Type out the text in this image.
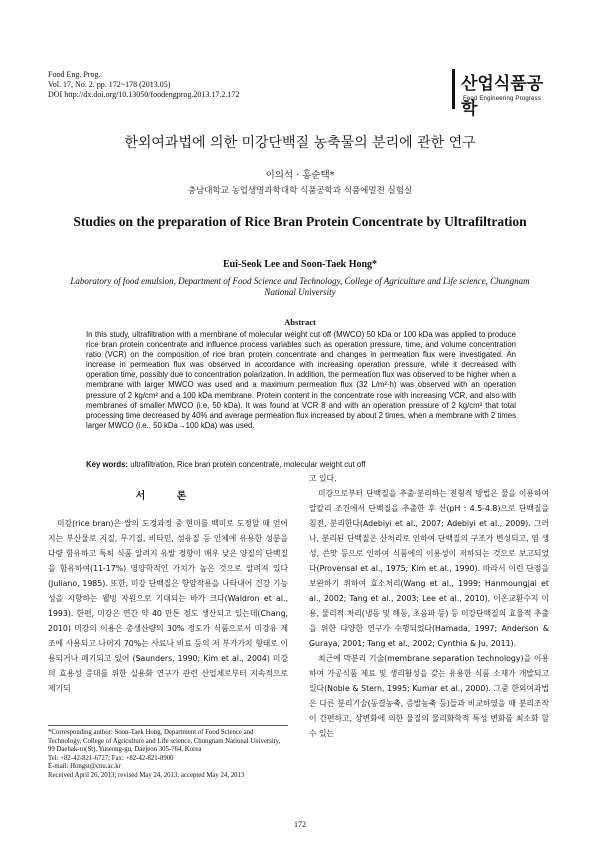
Food Eng. Prog.
Vol. 17, No. 2. pp. 172~178 (2013.05)
DOI http://dx.doi.org/10.13050/foodengprog.2013.17.2.172
산업식품공학
Food Engineering Progress
한외여과법에 의한 미강단백질 농축물의 분리에 관한 연구
이의석 · 홍순택*
충남대학교 농업생명과학대학 식품공학과 식품에멀젼 실험실
Studies on the preparation of Rice Bran Protein Concentrate by Ultrafiltration
Eui-Seok Lee and Soon-Taek Hong*
Laboratory of food emulsion, Department of Food Science and Technology, College of Agriculture and Life science, Chungnam National University
Abstract
In this study, ultrafiltration with a membrane of molecular weight cut off (MWCO) 50 kDa or 100 kDa was applied to produce rice bran protein concentrate and influence process variables such as operation pressure, time, and volume concentration ratio (VCR) on the composition of rice bran protein concentrate and changes in permeation flux were investigated. An increase in permeation flux was observed in accordance with increasing operation pressure, while it decreased with operation time, possibly due to concentration polarization. In addition, the permeation flux was observed to be higher when a membrane with larger MWCO was used and a maximum permeation flux (32 L/m²·h) was observed with an operation pressure of 2 kg/cm² and a 100 kDa membrane. Protein content in the concentrate rose with increasing VCR, and also with membranes of smaller MWCO (i.e, 50 kDa). It was found at VCR 8 and with an operation pressure of 2 kg/cm² that total processing time decreased by 40% and average permeation flux increased by about 2 times, when a membrane with 2 times larger MWCO (i.e., 50 kDa→100 kDa) was used.
Key words: ultrafiltration, Rice bran protein concentrate, molecular weight cut off

서 론

미강(rice bran)은 쌀의 도정과정 중 현미를 백미로 도정할 때 얻어지는 부산물로 지질, 무기질, 비타민, 섬유질 등 인체에 유용한 성분을 다량 함유하고 특히 식품 알려지 유발 경향이 매우 낮은 양질의 단백질을 함유하여(11-17%) 영양학적인 가치가 높은 것으로 알려져 있다(Juliano, 1985). 또한, 미강 단백질은 항암작용을 나타내어 건강 기능성을 지향하는 웰빙 자원으로 기대되는 바가 크다(Waldron et al., 1993). 한편, 미강은 연간 약 40 만톤 정도 생산되고 있는데(Chang, 2010) 미강의 이용은 총생산량의 30% 정도가 식품으로서 미강유 제조에 사용되고 나머지 70%는 사료나 비료 등의 저 부가가치 형태로 이용되거나 폐기되고 있어 (Saunders, 1990; Kim et al., 2004) 미강의 효용성 증대를 위한 실용화 연구가 관련 산업체로부터 지속적으로 제기되

고 있다.

미강으로부터 단백질을 추출·분리하는 전형적 방법은 물을 이용하여 알칼리 조건에서 단백질을 추출한 후 산(pH : 4.5-4.8)으로 단백질을 침전, 분리한다(Adebiyi et al., 2007; Adebiyi et al., 2009). 그러나, 분리된 단백질은 산처리로 인하여 단백질의 구조가 변성되고, 염 생성, 쓴맛 등으로 인하여 식품에의 이용성이 저하되는 것으로 보고되었다(Provensal et al., 1975; Kim et al., 1990). 따라서 이런 단점을 보완하기 위하여 효소처리(Wang et al., 1999; Hanmoungjai et al., 2002; Tang et al., 2003; Lee et al., 2010), 이온교환수지 이용, 물리적 처리(냉동 및 해동, 초음파 등) 등 미강단백질의 효율적 추출을 위한 다양한 연구가 수행되었다(Hamada, 1997; Anderson & Guraya, 2001; Tang et al., 2002; Cynthia & Ju, 2011).

최근에 막분리 기술(membrane separation technology)을 이용하여 가공식품 제료 및 생리활성을 갖는 유용한 식품 소재가 개발되고 있다(Noble & Stern, 1995; Kumar et al., 2000). 그중 한외여과법은 다른 분리기술(동결농축, 증발농축 등)들과 비교하였을 때 분리조작이 간편하고, 상변화에 의한 물질의 물리화학적 특성 변화를 최소화 할 수 있는

*Corresponding author: Soon-Taek Hong, Department of Food Science and Technology, College of Agriculture and Life science, Chungnam National University, 99 Daehak-ro(St), Yuseong-gu, Daejeon 305-764, Korea
Tel: +82-42-821-6727; Fax: +82-42-821-8900
E-mail: Hongst@cnu.ac.kr
Received April 26, 2013; revised May 24, 2013; accepted May 24, 2013
172
